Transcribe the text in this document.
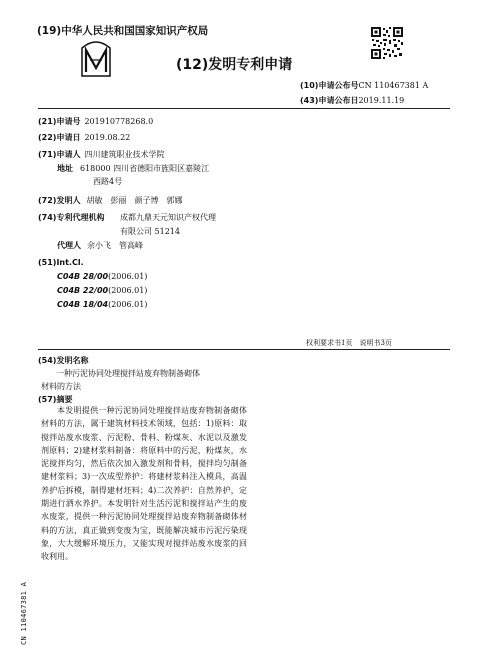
(19)中华人民共和国国家知识产权局
(12)发明专利申请
(10)申请公布号CN 110467381 A
(43)申请公布日2019.11.19
(21)申请号 201910778268.0
(22)申请日 2019.08.22
(71)申请人 四川建筑职业技术学院
地址 618000 四川省德阳市旌阳区嘉陵江
西路4号
(72)发明人 胡敏　彭丽　颜子博　郭娜
(74)专利代理机构 成都九鼎天元知识产权代理
有限公司 51214
代理人 余小飞　管高峰
(51)Int.Cl.
C04B 28/00(2006.01)
C04B 22/00(2006.01)
C04B 18/04(2006.01)
权利要求书1页　说明书3页
(54)发明名称
一种污泥协同处理搅拌站废弃物制备砌体
材料的方法
(57)摘要
本发明提供一种污泥协同处理搅拌站废弃物制备砌体材料的方法，属于建筑材料技术领域，包括：1)原料：取搅拌站废水废浆、污泥粉、骨料、粉煤灰、水泥以及激发剂原料；2)建材浆料制备：将原料中的污泥，粉煤灰，水泥搅拌均匀，然后依次加入激发剂和骨料，搅拌均匀制备建材浆料；3)一次成型养护：将建材浆料注入模具，高温养护后拆模，制得建材坯料；4)二次养护：自然养护，定期进行洒水养护。本发明针对生活污泥和搅拌站产生的废水废浆，提供一种污泥协同处理搅拌站废弃物制备砌体材料的方法，真正做到变废为宝，既能解决城市污泥污染现象，大大缓解环境压力，又能实现对搅拌站废水废浆的回收利用。
CN 110467381 A
